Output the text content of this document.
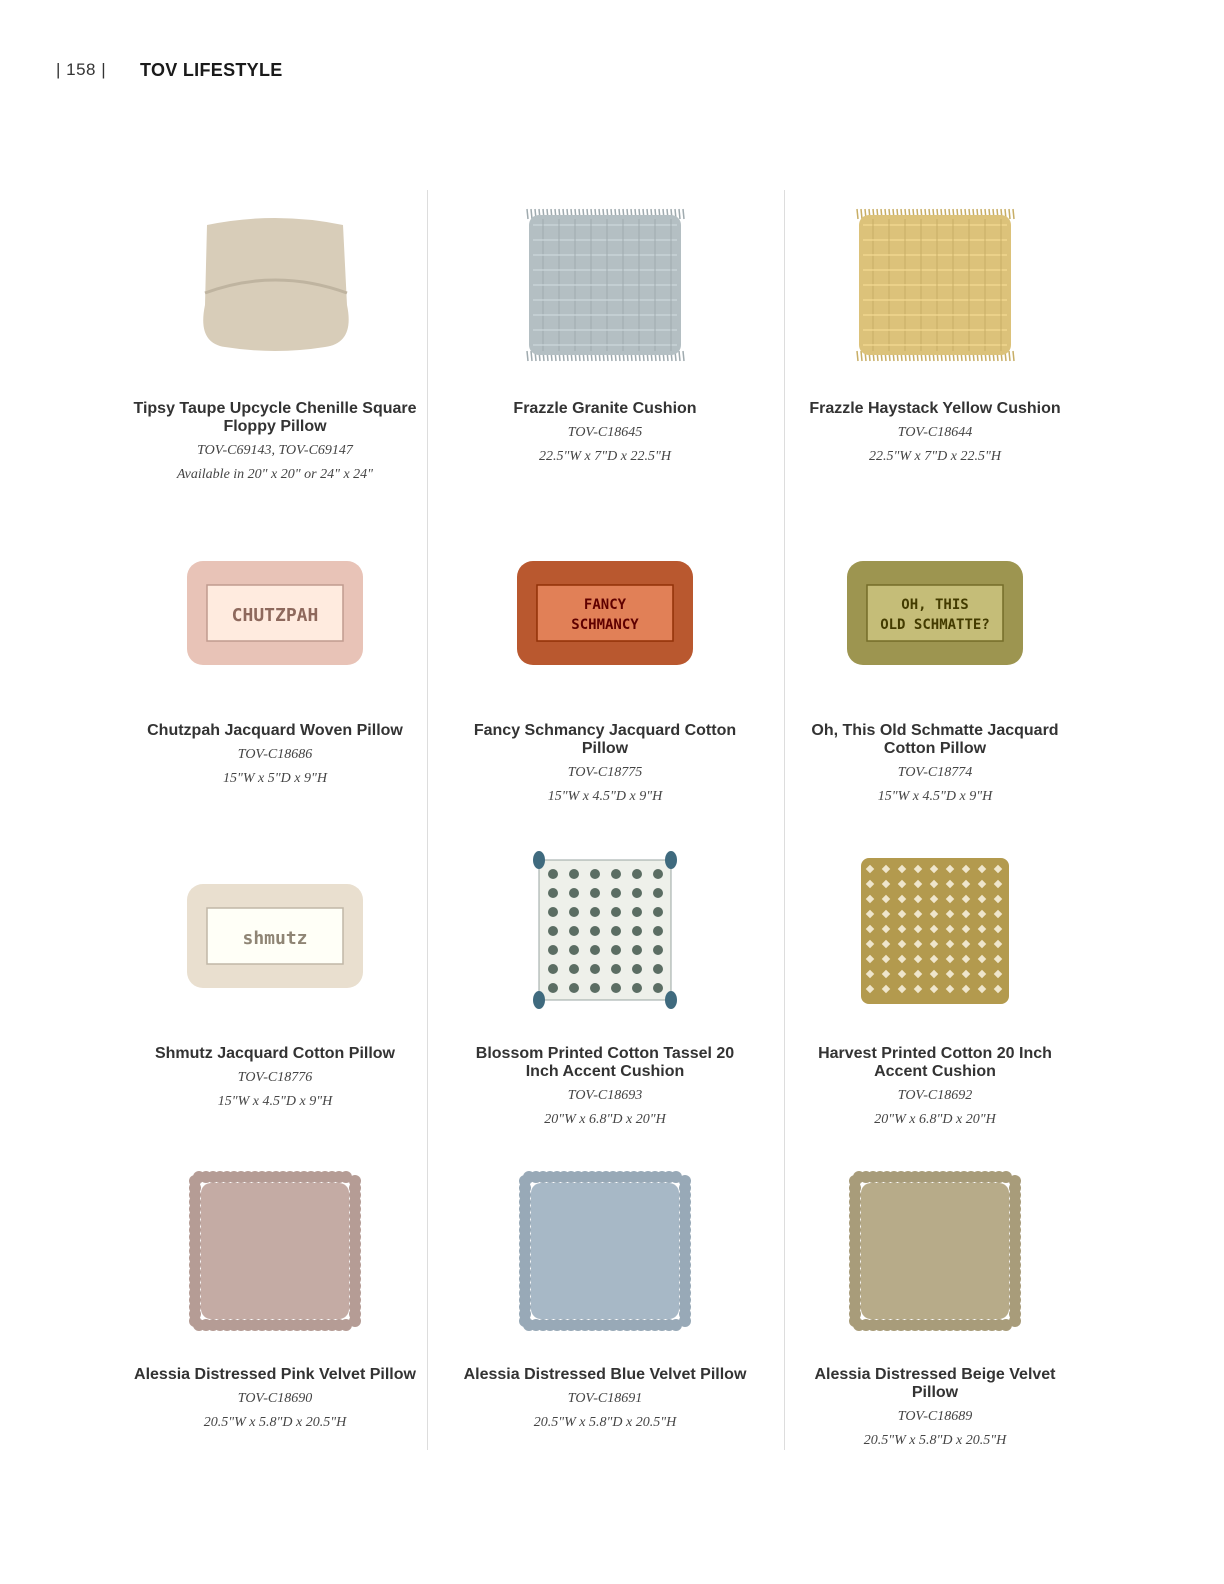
| 158 |	TOV LIFESTYLE
Tipsy Taupe Upcycle Chenille Square Floppy Pillow
TOV-C69143, TOV-C69147
Available in 20" x 20" or 24" x 24"
Frazzle Granite Cushion
TOV-C18645
22.5"W x 7"D x 22.5"H
Frazzle Haystack Yellow Cushion
TOV-C18644
22.5"W x 7"D x 22.5"H
CHUTZPAH
Chutzpah Jacquard Woven Pillow
TOV-C18686
15"W x 5"D x 9"H
FANCY
SCHMANCY
Fancy Schmancy Jacquard Cotton Pillow
TOV-C18775
15"W x 4.5"D x 9"H
OH, THIS
OLD SCHMATTE?
Oh, This Old Schmatte Jacquard Cotton Pillow
TOV-C18774
15"W x 4.5"D x 9"H
shmutz
Shmutz Jacquard Cotton Pillow
TOV-C18776
15"W x 4.5"D x 9"H
Blossom Printed Cotton Tassel 20 Inch Accent Cushion
TOV-C18693
20"W x 6.8"D x 20"H
Harvest Printed Cotton 20 Inch Accent Cushion
TOV-C18692
20"W x 6.8"D x 20"H
Alessia Distressed Pink Velvet Pillow
TOV-C18690
20.5"W x 5.8"D x 20.5"H
Alessia Distressed Blue Velvet Pillow
TOV-C18691
20.5"W x 5.8"D x 20.5"H
Alessia Distressed Beige Velvet Pillow
TOV-C18689
20.5"W x 5.8"D x 20.5"H
